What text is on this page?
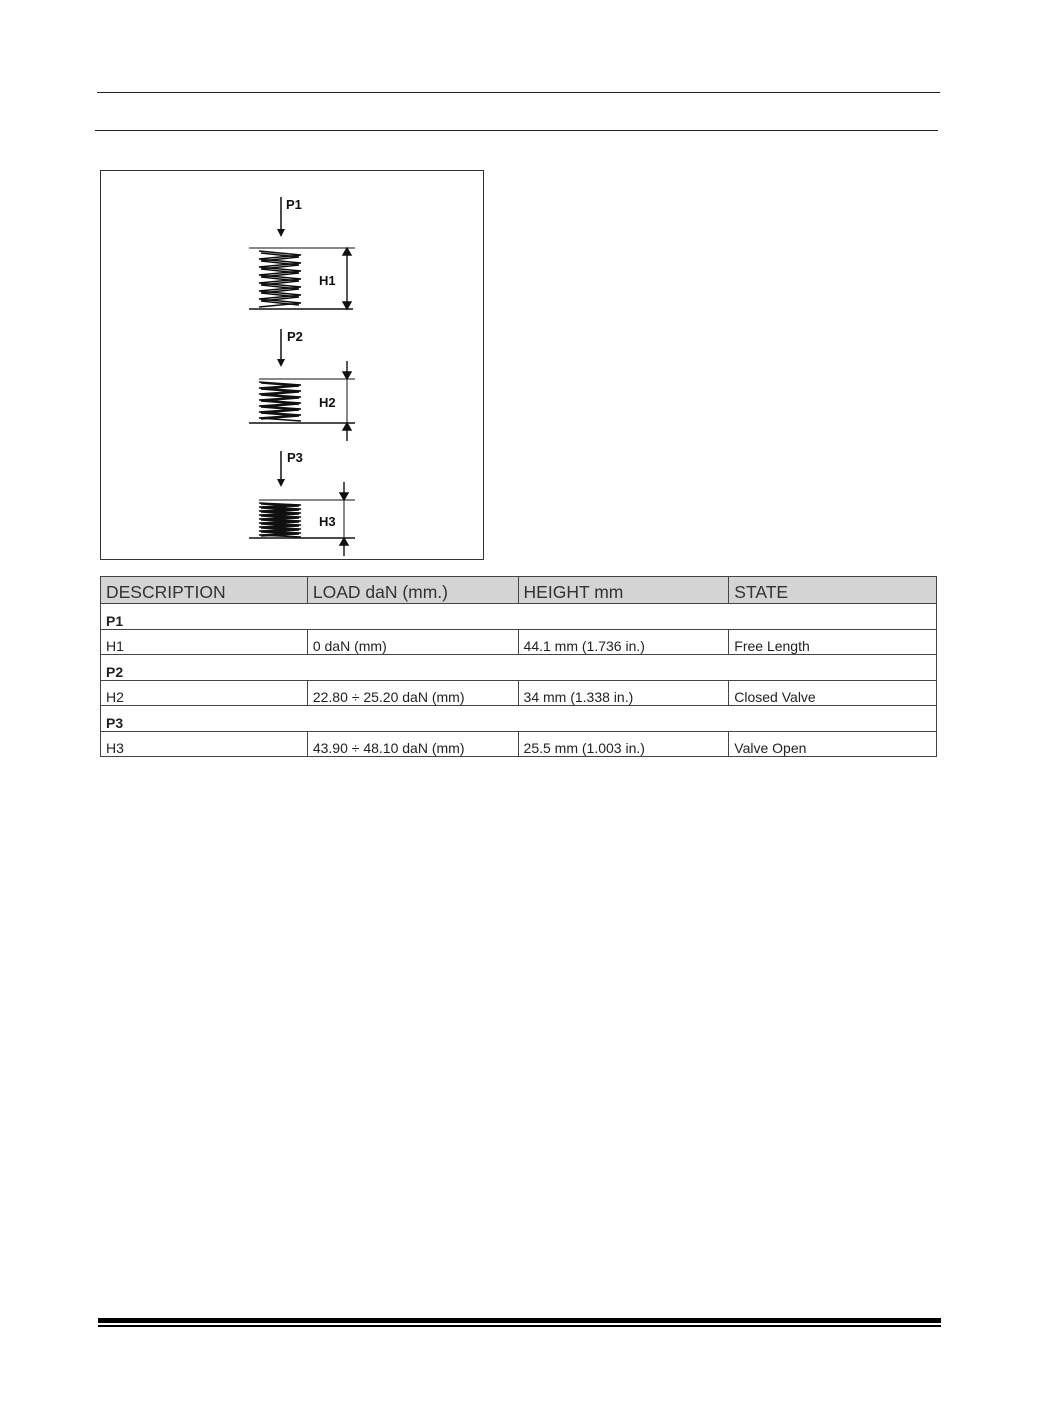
P1
H1
P2
H2
P3
H3
DESCRIPTION	LOAD daN (mm.)	HEIGHT mm	STATE
P1			
H1	0 daN (mm)	44.1 mm (1.736 in.)	Free Length
P2			
H2	22.80 ÷ 25.20 daN (mm)	34 mm (1.338 in.)	Closed Valve
P3			
H3	43.90 ÷ 48.10 daN (mm)	25.5 mm (1.003 in.)	Valve Open
